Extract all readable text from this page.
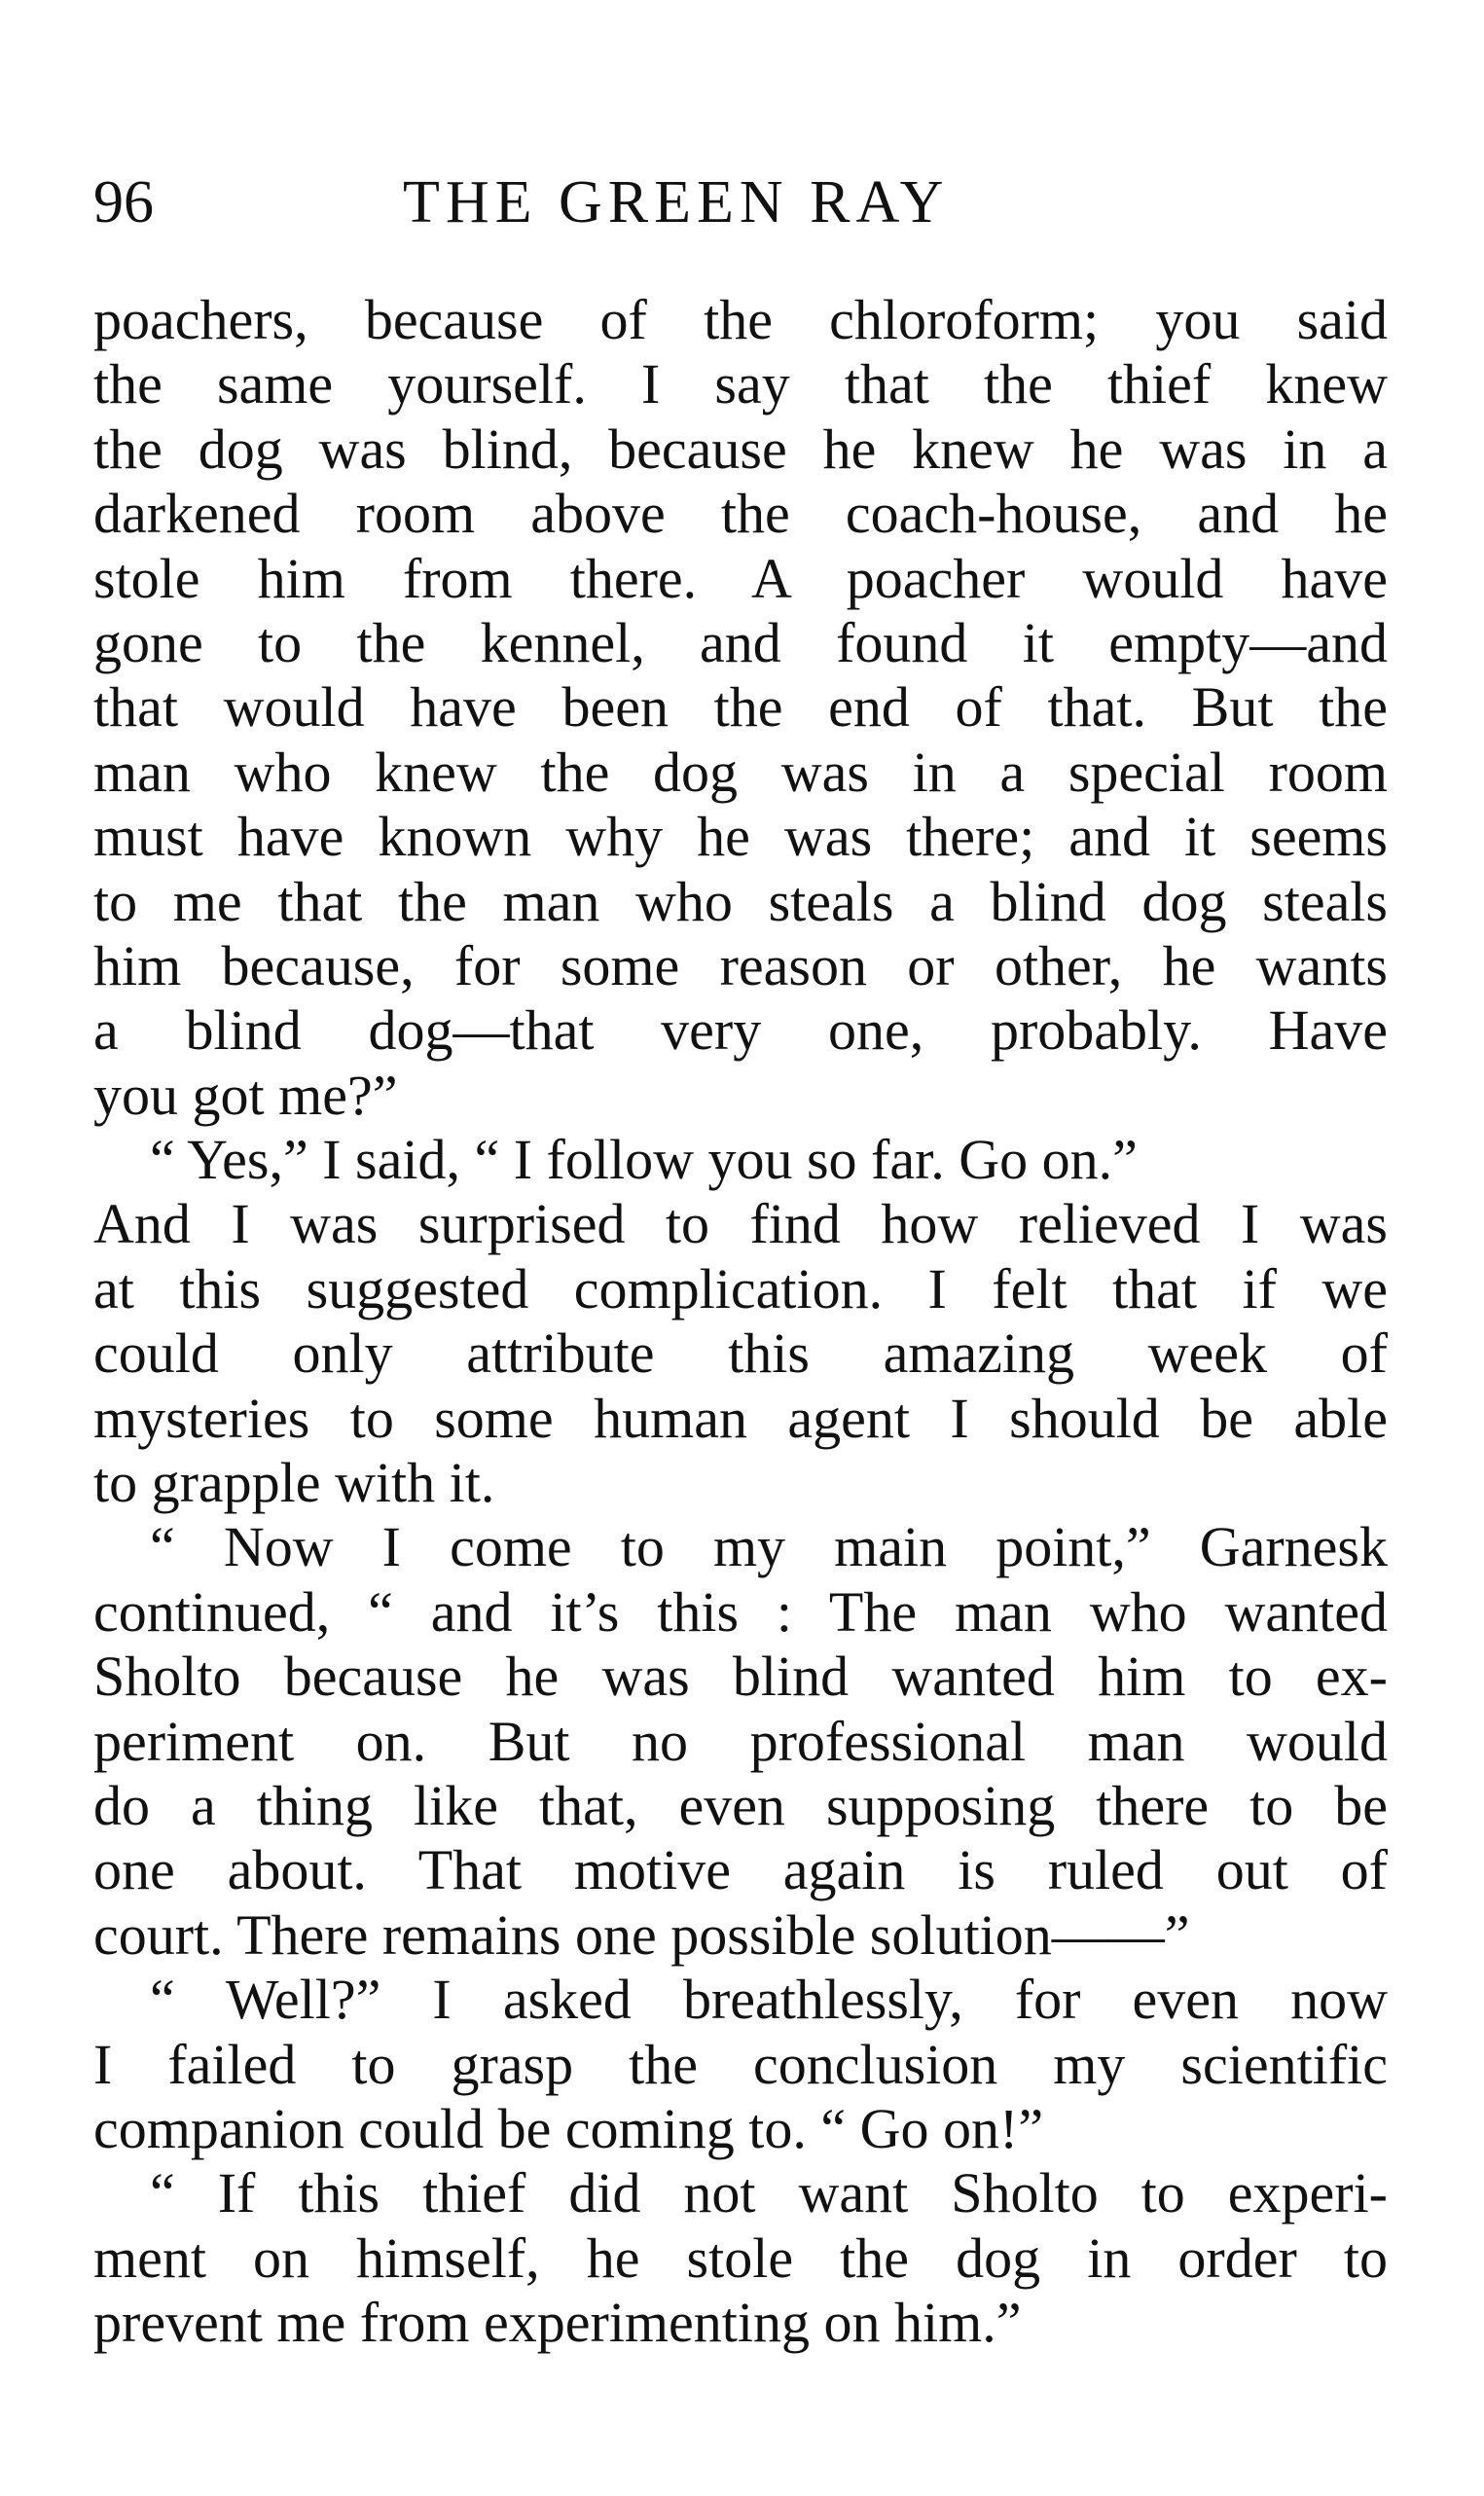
96	THE GREEN RAY
poachers, because of the chloroform; you said
the same yourself. I say that the thief knew
the dog was blind, because he knew he was in a
darkened room above the coach-house, and he
stole him from there. A poacher would have
gone to the kennel, and found it empty—and
that would have been the end of that. But the
man who knew the dog was in a special room
must have known why he was there; and it seems
to me that the man who steals a blind dog steals
him because, for some reason or other, he wants
a blind dog—that very one, probably. Have
you got me?”
“ Yes,” I said, “ I follow you so far. Go on.”
And I was surprised to find how relieved I was
at this suggested complication. I felt that if we
could only attribute this amazing week of
mysteries to some human agent I should be able
to grapple with it.
“ Now I come to my main point,” Garnesk
continued, “ and it’s this : The man who wanted
Sholto because he was blind wanted him to ex-
periment on. But no professional man would
do a thing like that, even supposing there to be
one about. That motive again is ruled out of
court. There remains one possible solution——”
“ Well?” I asked breathlessly, for even now
I failed to grasp the conclusion my scientific
companion could be coming to. “ Go on!”
“ If this thief did not want Sholto to experi-
ment on himself, he stole the dog in order to
prevent me from experimenting on him.”
